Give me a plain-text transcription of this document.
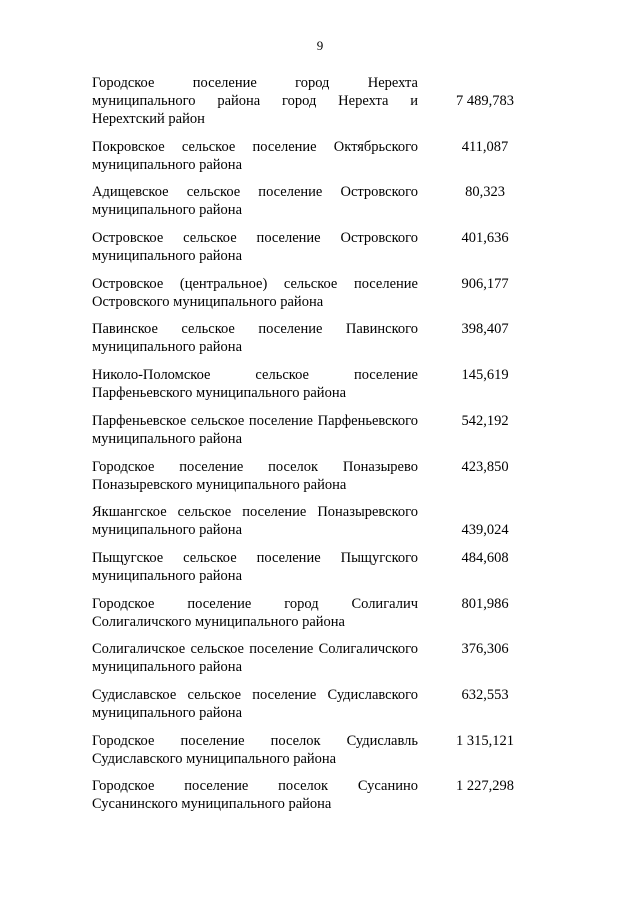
9
Городское поселение город Нерехта муниципального района город Нерехта и Нерехтский район
7 489,783
Покровское сельское поселение Октябрьского муниципального района
411,087
Адищевское сельское поселение Островского муниципального района
80,323
Островское сельское поселение Островского муниципального района
401,636
Островское (центральное) сельское поселение Островского муниципального района
906,177
Павинское сельское поселение Павинского муниципального района
398,407
Николо-Поломское сельское поселение Парфеньевского муниципального района
145,619
Парфеньевское сельское поселение Парфеньевского муниципального района
542,192
Городское поселение поселок Поназырево Поназыревского муниципального района
423,850
Якшангское сельское поселение Поназыревского муниципального района	439,024
Пыщугское сельское поселение Пыщугского муниципального района
484,608
Городское поселение город Солигалич Солигаличского муниципального района
801,986
Солигаличское сельское поселение Солигаличского муниципального района
376,306
Судиславское сельское поселение Судиславского муниципального района
632,553
Городское поселение поселок Судиславль Судиславского муниципального района
1 315,121
Городское поселение поселок Сусанино Сусанинского муниципального района
1 227,298
